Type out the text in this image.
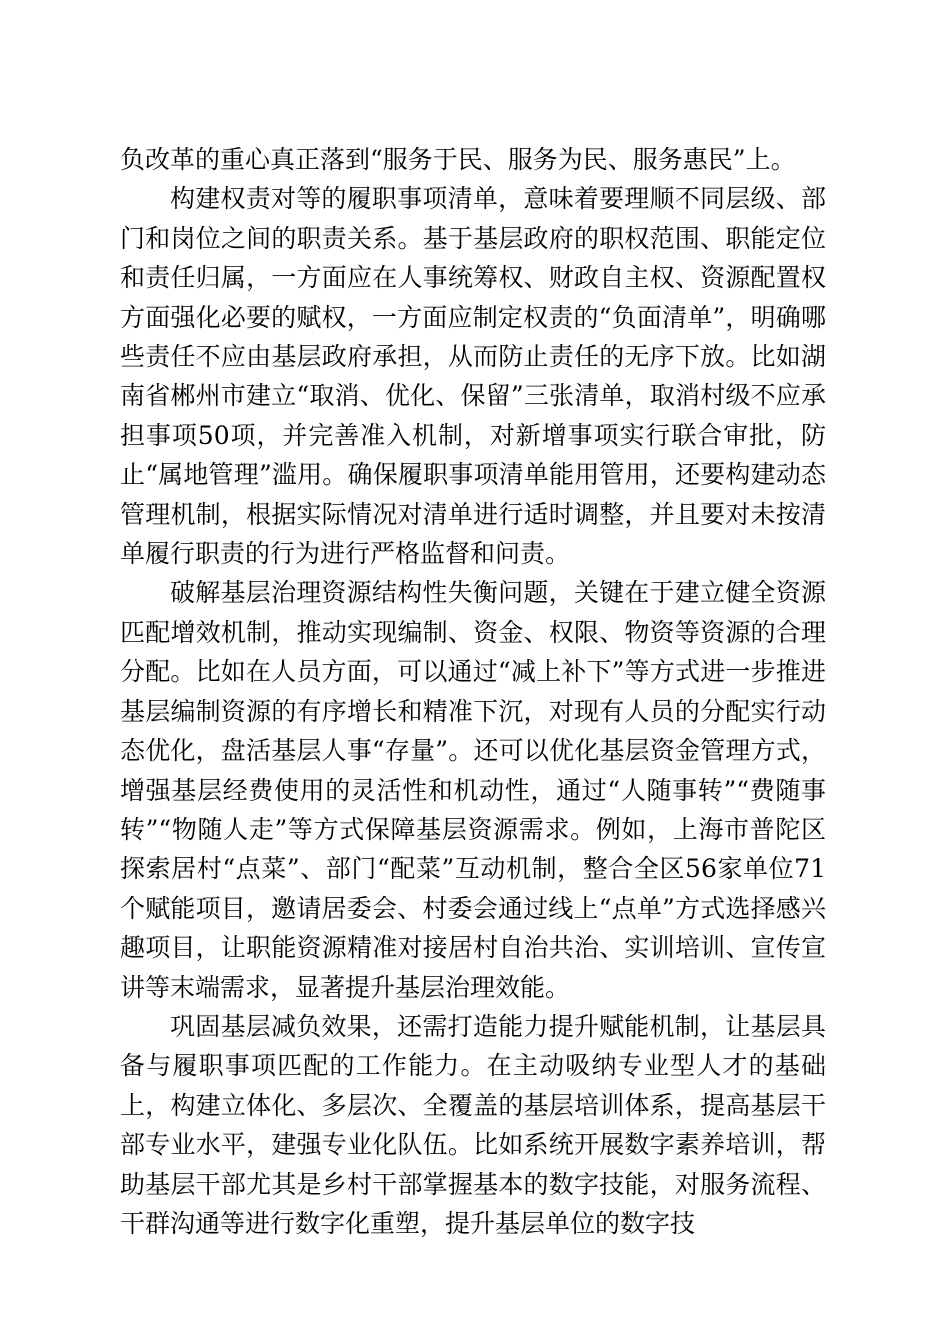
负改革的重心真正落到“服务于民、服务为民、服务惠民”上。

构建权责对等的履职事项清单，意味着要理顺不同层级、部门和岗位之间的职责关系。基于基层政府的职权范围、职能定位和责任归属，一方面应在人事统筹权、财政自主权、资源配置权方面强化必要的赋权，一方面应制定权责的“负面清单”，明确哪些责任不应由基层政府承担，从而防止责任的无序下放。比如湖南省郴州市建立“取消、优化、保留”三张清单，取消村级不应承担事项50项，并完善准入机制，对新增事项实行联合审批，防止“属地管理”滥用。确保履职事项清单能用管用，还要构建动态管理机制，根据实际情况对清单进行适时调整，并且要对未按清单履行职责的行为进行严格监督和问责。

破解基层治理资源结构性失衡问题，关键在于建立健全资源匹配增效机制，推动实现编制、资金、权限、物资等资源的合理分配。比如在人员方面，可以通过“减上补下”等方式进一步推进基层编制资源的有序增长和精准下沉，对现有人员的分配实行动态优化，盘活基层人事“存量”。还可以优化基层资金管理方式，增强基层经费使用的灵活性和机动性，通过“人随事转”“费随事转”“物随人走”等方式保障基层资源需求。例如，上海市普陀区探索居村“点菜”、部门“配菜”互动机制，整合全区56家单位71个赋能项目，邀请居委会、村委会通过线上“点单”方式选择感兴趣项目，让职能资源精准对接居村自治共治、实训培训、宣传宣讲等末端需求，显著提升基层治理效能。

巩固基层减负效果，还需打造能力提升赋能机制，让基层具备与履职事项匹配的工作能力。在主动吸纳专业型人才的基础上，构建立体化、多层次、全覆盖的基层培训体系，提高基层干部专业水平，建强专业化队伍。比如系统开展数字素养培训，帮助基层干部尤其是乡村干部掌握基本的数字技能，对服务流程、干群沟通等进行数字化重塑，提升基层单位的数字技
